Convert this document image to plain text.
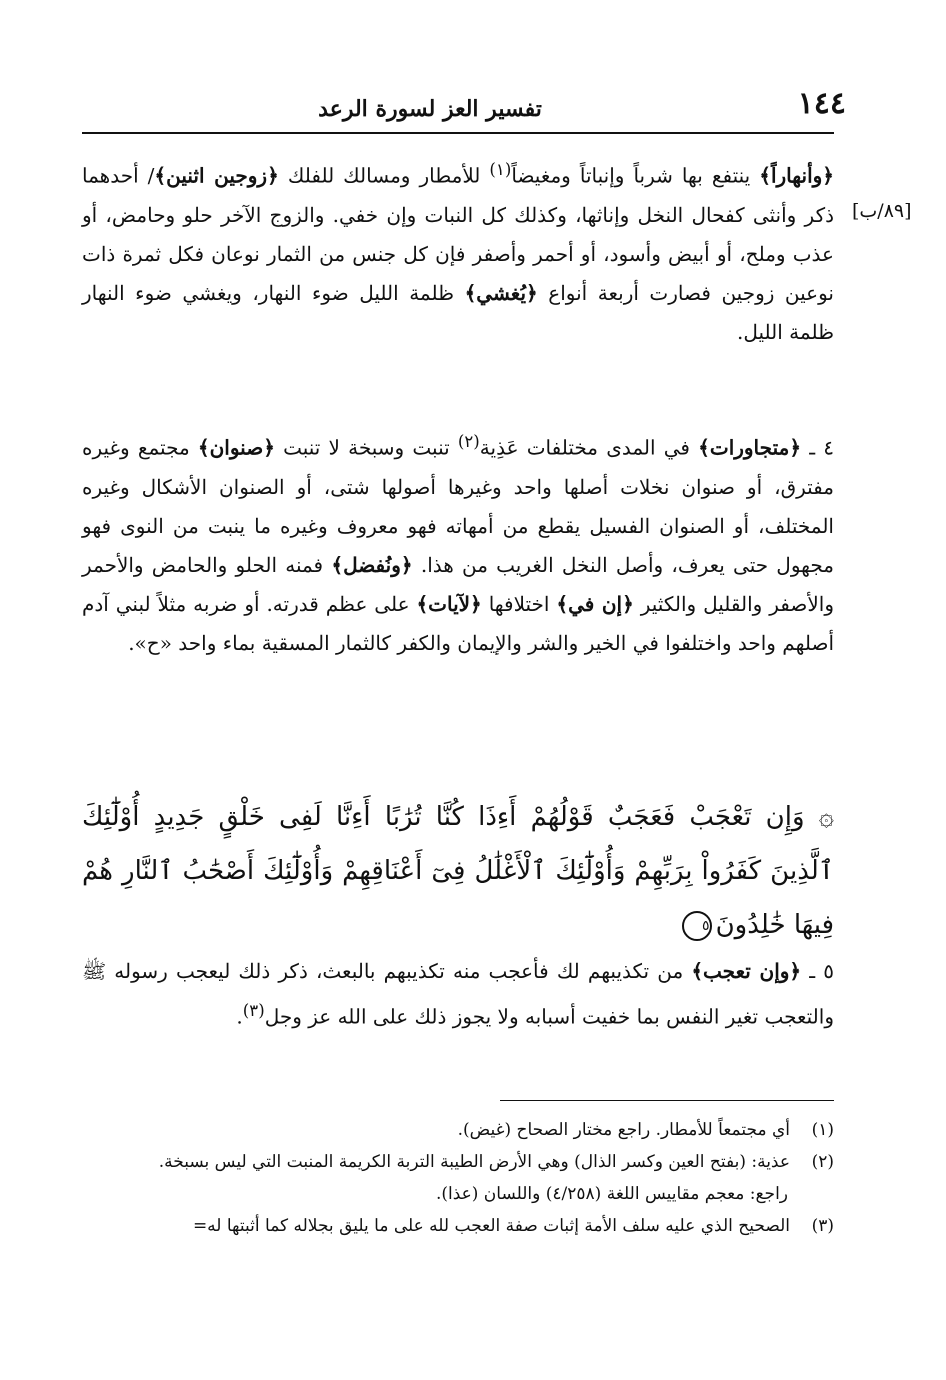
١٤٤
تفسير العز لسورة الرعد
[٨٩/ب]

﴿وأنهاراً﴾ ينتفع بها شرباً وإنباتاً ومغيضاً$^{(١)}$ للأمطار ومسالك للفلك ﴿زوجين اثنين﴾/ أحدهما ذكر وأنثى كفحال النخل وإناثها، وكذلك كل النبات وإن خفي. والزوج الآخر حلو وحامض، أو عذب وملح، أو أبيض وأسود، أو أحمر وأصفر فإن كل جنس من الثمار نوعان فكل ثمرة ذات نوعين زوجين فصارت أربعة أنواع ﴿يُغشي﴾ ظلمة الليل ضوء النهار، ويغشي ضوء النهار ظلمة الليل.

٤ ـ ﴿متجاورات﴾ في المدى مختلفات عَذِية$^{(٢)}$ تنبت وسبخة لا تنبت ﴿صنوان﴾ مجتمع وغيره مفترق، أو صنوان نخلات أصلها واحد وغيرها أصولها شتى، أو الصنوان الأشكال وغيره المختلف، أو الصنوان الفسيل يقطع من أمهاته فهو معروف وغيره ما ينبت من النوى فهو مجهول حتى يعرف، وأصل النخل الغريب من هذا. ﴿ونُفضل﴾ فمنه الحلو والحامض والأحمر والأصفر والقليل والكثير ﴿إن في﴾ اختلافها ﴿لآيات﴾ على عظم قدرته. أو ضربه مثلاً لبني آدم أصلهم واحد واختلفوا في الخير والشر والإيمان والكفر كالثمار المسقية بماء واحد «ح».

۞ وَإِن تَعْجَبْ فَعَجَبٌ قَوْلُهُمْ أَءِذَا كُنَّا تُرَٰبًا أَءِنَّا لَفِى خَلْقٍ جَدِيدٍ أُوْلَٰٓئِكَ ٱلَّذِينَ كَفَرُواْ بِرَبِّهِمْ وَأُوْلَٰٓئِكَ ٱلْأَغْلَٰلُ فِىٓ أَعْنَاقِهِمْ وَأُوْلَٰٓئِكَ أَصْحَٰبُ ٱلنَّارِ هُمْ فِيهَا خَٰلِدُونَ٥

٥ ـ ﴿وإن تعجب﴾ من تكذيبهم لك فأعجب منه تكذيبهم بالبعث، ذكر ذلك ليعجب رسوله ﷺ والتعجب تغير النفس بما خفيت أسبابه ولا يجوز ذلك على الله عز وجل$^{(٣)}$.

(١)أي مجتمعاً للأمطار. راجع مختار الصحاح (غيض).

(٢)عذية: (بفتح العين وكسر الذال) وهي الأرض الطيبة التربة الكريمة المنبت التي ليس بسبخة.

راجع: معجم مقاييس اللغة (٤/٢٥٨) واللسان (عذا).

(٣)الصحيح الذي عليه سلف الأمة إثبات صفة العجب لله على ما يليق بجلاله كما أثبتها له=
